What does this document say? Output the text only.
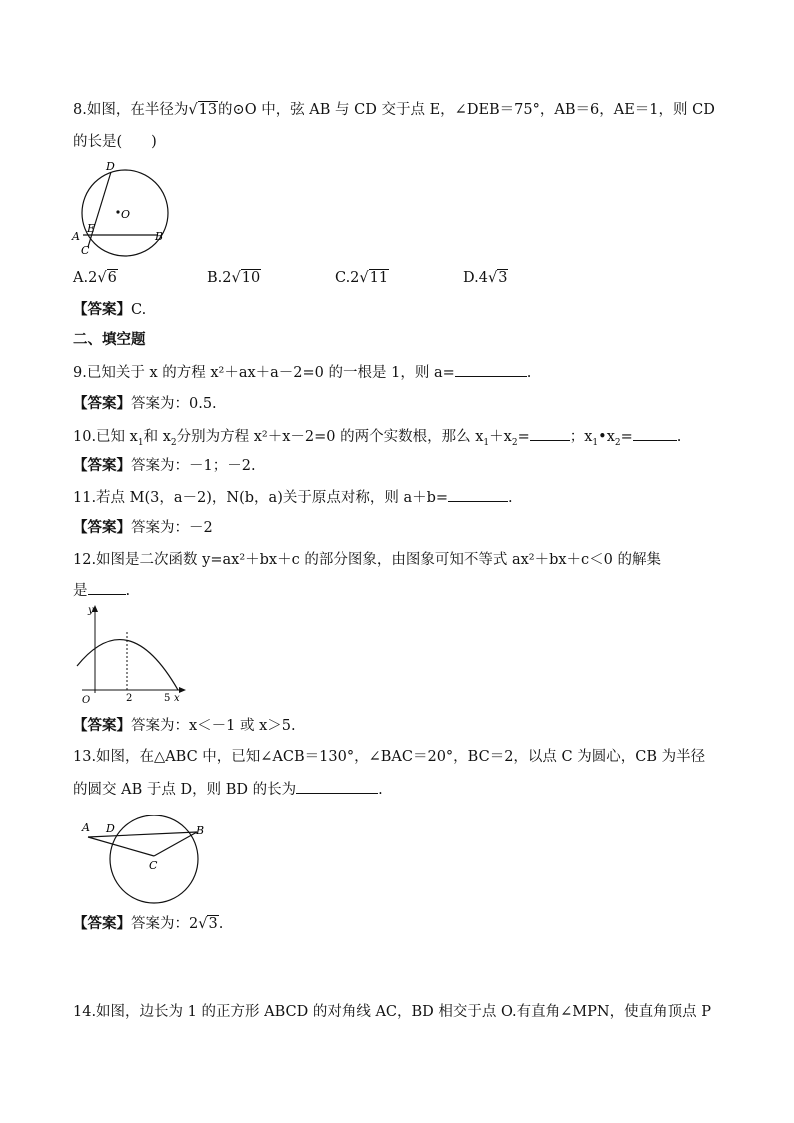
8.如图，在半径为√13的⊙O 中，弦 AB 与 CD 交于点 E，∠DEB＝75°，AB＝6，AE＝1，则 CD
的长是(　　)
D
O
A
E
B
C
A.2√6	B.2√10	C.2√11	D.4√3
【答案】C.
二、填空题
9.已知关于 x 的方程 x²＋ax＋a－2=0 的一根是 1，则 a=	.
【答案】答案为：0.5.
10.已知 $x_1$和 $x_2$分别为方程 x²＋x－2=0 的两个实数根，那么 $x_1+x_2=$	；$x_1•x_2=$	.
【答案】答案为：－1；－2.
11.若点 M(3，a－2)，N(b，a)关于原点对称，则 a＋b=	.
【答案】答案为：－2
12.如图是二次函数 y=ax²＋bx＋c 的部分图象，由图象可知不等式 ax²＋bx＋c＜0 的解集
是	.
y
O	2	5 x
【答案】答案为：x＜－1 或 x＞5.
13.如图，在△ABC 中，已知∠ACB＝130°，∠BAC＝20°，BC＝2，以点 C 为圆心，CB 为半径
的圆交 AB 于点 D，则 BD 的长为	.
A D	B
C
【答案】答案为：2√3.
14.如图，边长为 1 的正方形 ABCD 的对角线 AC，BD 相交于点 O.有直角∠MPN，使直角顶点 P
